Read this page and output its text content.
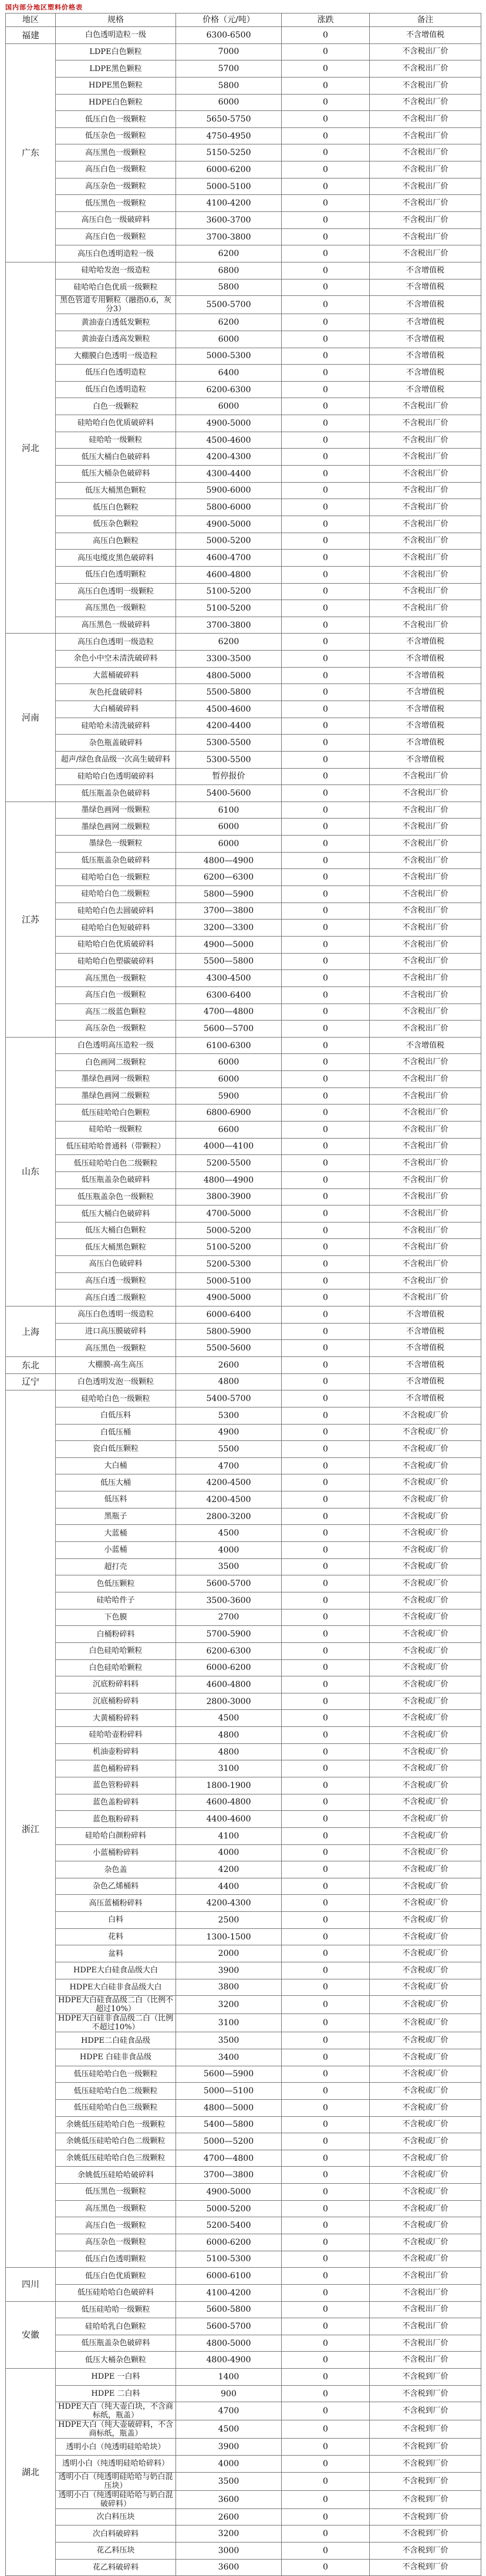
国内部分地区塑料价格表
地区	规格	价格（元/吨）	涨跌	备注
福建	白色透明造粒一级	6300-6500	0	不含增值税
广东	LDPE白色颗粒	7000	0	不含税出厂价
	LDPE黑色颗粒	5700	0	不含税出厂价
	HDPE黑色颗粒	5800	0	不含税出厂价
	HDPE白色颗粒	6000	0	不含税出厂价
	低压白色一级颗粒	5650-5750	0	不含税出厂价
	低压杂色一级颗粒	4750-4950	0	不含税出厂价
	高压黑色一级颗粒	5150-5250	0	不含税出厂价
	高压白色一级颗粒	6000-6200	0	不含税出厂价
	高压杂色一级颗粒	5000-5100	0	不含税出厂价
	低压黑色一级颗粒	4100-4200	0	不含税出厂价
	高压白色一级破碎料	3600-3700	0	不含税出厂价
	高压白色一级颗粒	3700-3800	0	不含税出厂价
	高压白色透明造粒一级	6200	0	不含税出厂价
河北	硅哈哈发泡一级造粒	6800	0	不含增值税
	硅哈哈白色优质一级颗粒	5800	0	不含增值税
	黑色管道专用颗粒（融指0.6，灰分3）	5500-5700	0	不含增值税
	黄油壶白透低发颗粒	6200	0	不含增值税
	黄油壶白透高发颗粒	6000	0	不含增值税
	大棚膜白色透明一级造粒	5000-5300	0	不含增值税
	低压白色透明造粒	6400	0	不含增值税
	低压白色透明造粒	6200-6300	0	不含增值税
	白色一级颗粒	6000	0	不含税出厂价
	硅哈哈白色优质破碎料	4900-5000	0	不含税出厂价
	硅哈哈一级颗粒	4500-4600	0	不含税出厂价
	低压大桶白色破碎料	4200-4300	0	不含税出厂价
	低压大桶杂色破碎料	4300-4400	0	不含税出厂价
	低压大桶黑色颗粒	5900-6000	0	不含税出厂价
	低压白色颗粒	5800-6000	0	不含税出厂价
	低压杂色颗粒	4900-5000	0	不含税出厂价
	高压白色颗粒	5000-5200	0	不含税出厂价
	高压电缆皮黑色破碎料	4600-4700	0	不含税出厂价
	低压白色透明颗粒	4600-4800	0	不含税出厂价
	高压白色透明一级颗粒	5100-5200	0	不含税出厂价
	高压黑色一级颗粒	5100-5200	0	不含税出厂价
	高压黑色一级破碎料	3700-3800	0	不含税出厂价
河南	高压白色透明一级造粒	6200	0	不含增值税
	余色小中空未清洗破碎料	3300-3500	0	不含增值税
	大蓝桶破碎料	4800-5000	0	不含增值税
	灰色托盘破碎料	5500-5800	0	不含增值税
	大白桶破碎料	4500-4600	0	不含增值税
	硅哈哈未清洗破碎料	4200-4400	0	不含增值税
	杂色瓶盖破碎料	5300-5500	0	不含增值税
	超声/绿色食品级一次高生破碎料	5300-5500	0	不含增值税
	硅哈哈白色透明破碎料	暂停报价	0	不含税出厂价
	低压瓶盖杂色破碎料	5400-5600	0	不含税出厂价
江苏	墨绿色画网一级颗粒	6100	0	不含税出厂价
	墨绿色画网二级颗粒	6000	0	不含税出厂价
	墨绿色一级颗粒	6000	0	不含税出厂价
	低压瓶盖杂色破碎料	4800—4900	0	不含税出厂价
	硅哈哈白色一级颗粒	6200—6300	0	不含税出厂价
	硅哈哈白色二级颗粒	5800—5900	0	不含税出厂价
	硅哈哈白色去圆破碎料	3700—3800	0	不含税出厂价
	硅哈哈白色短破碎料	3200—3300	0	不含税出厂价
	硅哈哈白色优质破碎料	4900—5000	0	不含税出厂价
	硅哈哈白色塑碳破碎料	5500—5800	0	不含税出厂价
	高压黑色一级颗粒	4300-4500	0	不含税出厂价
	高压白色一级颗粒	6300-6400	0	不含税出厂价
	高压二级蓝色颗粒	4700—4800	0	不含税出厂价
	高压杂色一级颗粒	5600—5700	0	不含税出厂价
山东	白色透明高压造粒一级	6100-6300	0	不含增值税
	白色画网二级颗粒	6000	0	不含税出厂价
	墨绿色画网一级颗粒	6000	0	不含税出厂价
	墨绿色画网二级颗粒	5900	0	不含税出厂价
	低压硅哈哈白色颗粒	6800-6900	0	不含税出厂价
	硅哈哈一级颗粒	6600	0	不含税出厂价
	低压硅哈哈普通料（带颗粒）	4000—4100	0	不含税出厂价
	低压硅哈哈白色二级颗粒	5200-5500	0	不含税出厂价
	低压瓶盖杂色破碎料	4800—4900	0	不含税出厂价
	低压瓶盖杂色一级颗粒	3800-3900	0	不含税出厂价
	低压大桶白色破碎料	4700-5000	0	不含税出厂价
	低压大桶白色颗粒	5000-5200	0	不含税出厂价
	低压大桶黑色颗粒	5100-5200	0	不含税出厂价
	高压白色破碎料	5200-5300	0	不含税出厂价
	高压白透一级颗粒	5000-5100	0	不含税出厂价
	高压白透二级颗粒	4900-5000	0	不含税出厂价
上海	高压白色透明一级造粒	6000-6400	0	不含增值税
	进口高压膜破碎料	5800-5900	0	不含增值税
	高压黑色一级颗粒	5500-5600	0	不含增值税
东北	大棚膜-高生高压	2600	0	不含增值税
辽宁	白色透明发泡一级颗粒	4800	0	不含增值税
浙江	硅哈哈白色一级颗粒	5400-5700	0	不含增值税
	白低压料	5300	0	不含税或厂价
	白低压桶	4900	0	不含税或厂价
	瓷白低压颗粒	5500	0	不含税或厂价
	大白桶	4700	0	不含税或厂价
	低压大桶	4200-4500	0	不含税或厂价
	低压料	4200-4500	0	不含税或厂价
	黑瓶子	2800-3200	0	不含税或厂价
	大蓝桶	4500	0	不含税或厂价
	小蓝桶	4000	0	不含税或厂价
	超打壳	3500	0	不含税或厂价
	色低压颗粒	5600-5700	0	不含税或厂价
	硅哈哈件子	3500-3600	0	不含税或厂价
	下色膜	2700	0	不含税或厂价
	白桶粉碎料	5700-5900	0	不含税或厂价
	白色硅哈哈颗粒	6200-6300	0	不含税或厂价
	白色硅哈哈颗粒	6000-6200	0	不含税或厂价
	沉底粉碎料料	4600-4800	0	不含税或厂价
	沉底桶粉碎料	2800-3000	0	不含税或厂价
	大黄桶粉碎料	4500	0	不含税或厂价
	硅哈哈壶粉碎料	4800	0	不含税或厂价
	机油壶粉碎料	4800	0	不含税或厂价
	蓝色桶粉碎料	3100	0	不含税或厂价
	蓝色管粉碎料	1800-1900	0	不含税或厂价
	蓝色盖粉碎料	4600-4800	0	不含税或厂价
	蓝色瓶粉碎料	4400-4600	0	不含税或厂价
	硅哈哈白颜粉碎料	4100	0	不含税或厂价
	小蓝桶粉碎料	4000	0	不含税或厂价
	杂色盖	4200	0	不含税或厂价
	杂色乙烯桶料	4400	0	不含税或厂价
	高压蓝桶粉碎料	4200-4300	0	不含税或厂价
	白料	2500	0	不含税或厂价
	花料	1300-1500	0	不含税或厂价
	盆料	2000	0	不含税或厂价
	HDPE大白硅食品级大白	3900	0	不含税或厂价
	HDPE大白硅非食品级大白	3800	0	不含税或厂价
	HDPE大白硅食品级二白（比例不超过10%）	3200	0	不含税或厂价
	HDPE大白硅非食品级二白（比例不超过10%）	3100	0	不含税或厂价
	HDPE二白硅食品级	3500	0	不含税或厂价
	HDPE 白硅非食品级	3400	0	不含税或厂价
	低压硅哈哈白色一级颗粒	5600—5900	0	不含税或厂价
	低压硅哈哈白色二级颗粒	5000—5100	0	不含税或厂价
	低压硅哈哈白色三级颗粒	4800—5000	0	不含税或厂价
	余姚低压硅哈哈白色一级颗粒	5400—5800	0	不含税或厂价
	余姚低压硅哈哈白色二级颗粒	5000—5200	0	不含税或厂价
	余姚低压硅哈哈白色三级颗粒	4700—4800	0	不含税或厂价
	余姚低压硅哈哈破碎料	3700—3800	0	不含税或厂价
	低压黑色一级颗粒	4900-5000	0	不含税或厂价
	高压黑色一级颗粒	5000-5200	0	不含税或厂价
	高压白色一级颗粒	5200-5400	0	不含税或厂价
	高压杂色一级颗粒	6000-6200	0	不含税或厂价
	低压白色透明颗粒	5100-5300	0	不含税或厂价
四川	低压白色优质颗粒	6000-6100	0	不含税出厂价
	低压硅哈哈白色破碎料	4100-4200	0	不含税出厂价
安徽	低压硅哈哈一级颗粒	5600-5800	0	不含税出厂价
	硅哈哈乳白色颗粒	5600-5700	0	不含税出厂价
	低压瓶盖杂色破碎料	4800-5000	0	不含税出厂价
	低压大桶杂色颗粒	4800-4900	0	不含税出厂价
湖北	HDPE 一白料	1400	0	不含税到厂价
	HDPE 二白料	900	0	不含税到厂价
	HDPE大白（纯大壶白块，不含商标纸，瓶盖）	4700	0	不含税到厂价
	HDPE大白（纯大壶破碎料，不含商标纸，瓶盖）	4500	0	不含税到厂价
	透明小白（纯透明硅哈哈块）	3900	0	不含税到厂价
	透明小白（纯透明硅哈哈碎料）	4000	0	不含税到厂价
	透明小白（纯透明硅哈哈与奶白混压块）	3500	0	不含税到厂价
	透明小白（纯透明硅哈哈与奶白混破碎料）	3600	0	不含税到厂价
	次白料压块	2600	0	不含税到厂价
	次白料破碎料	3200	0	不含税到厂价
	花乙料压块	3000	0	不含税到厂价
	花乙料破碎料	3600	0	不含税到厂价
